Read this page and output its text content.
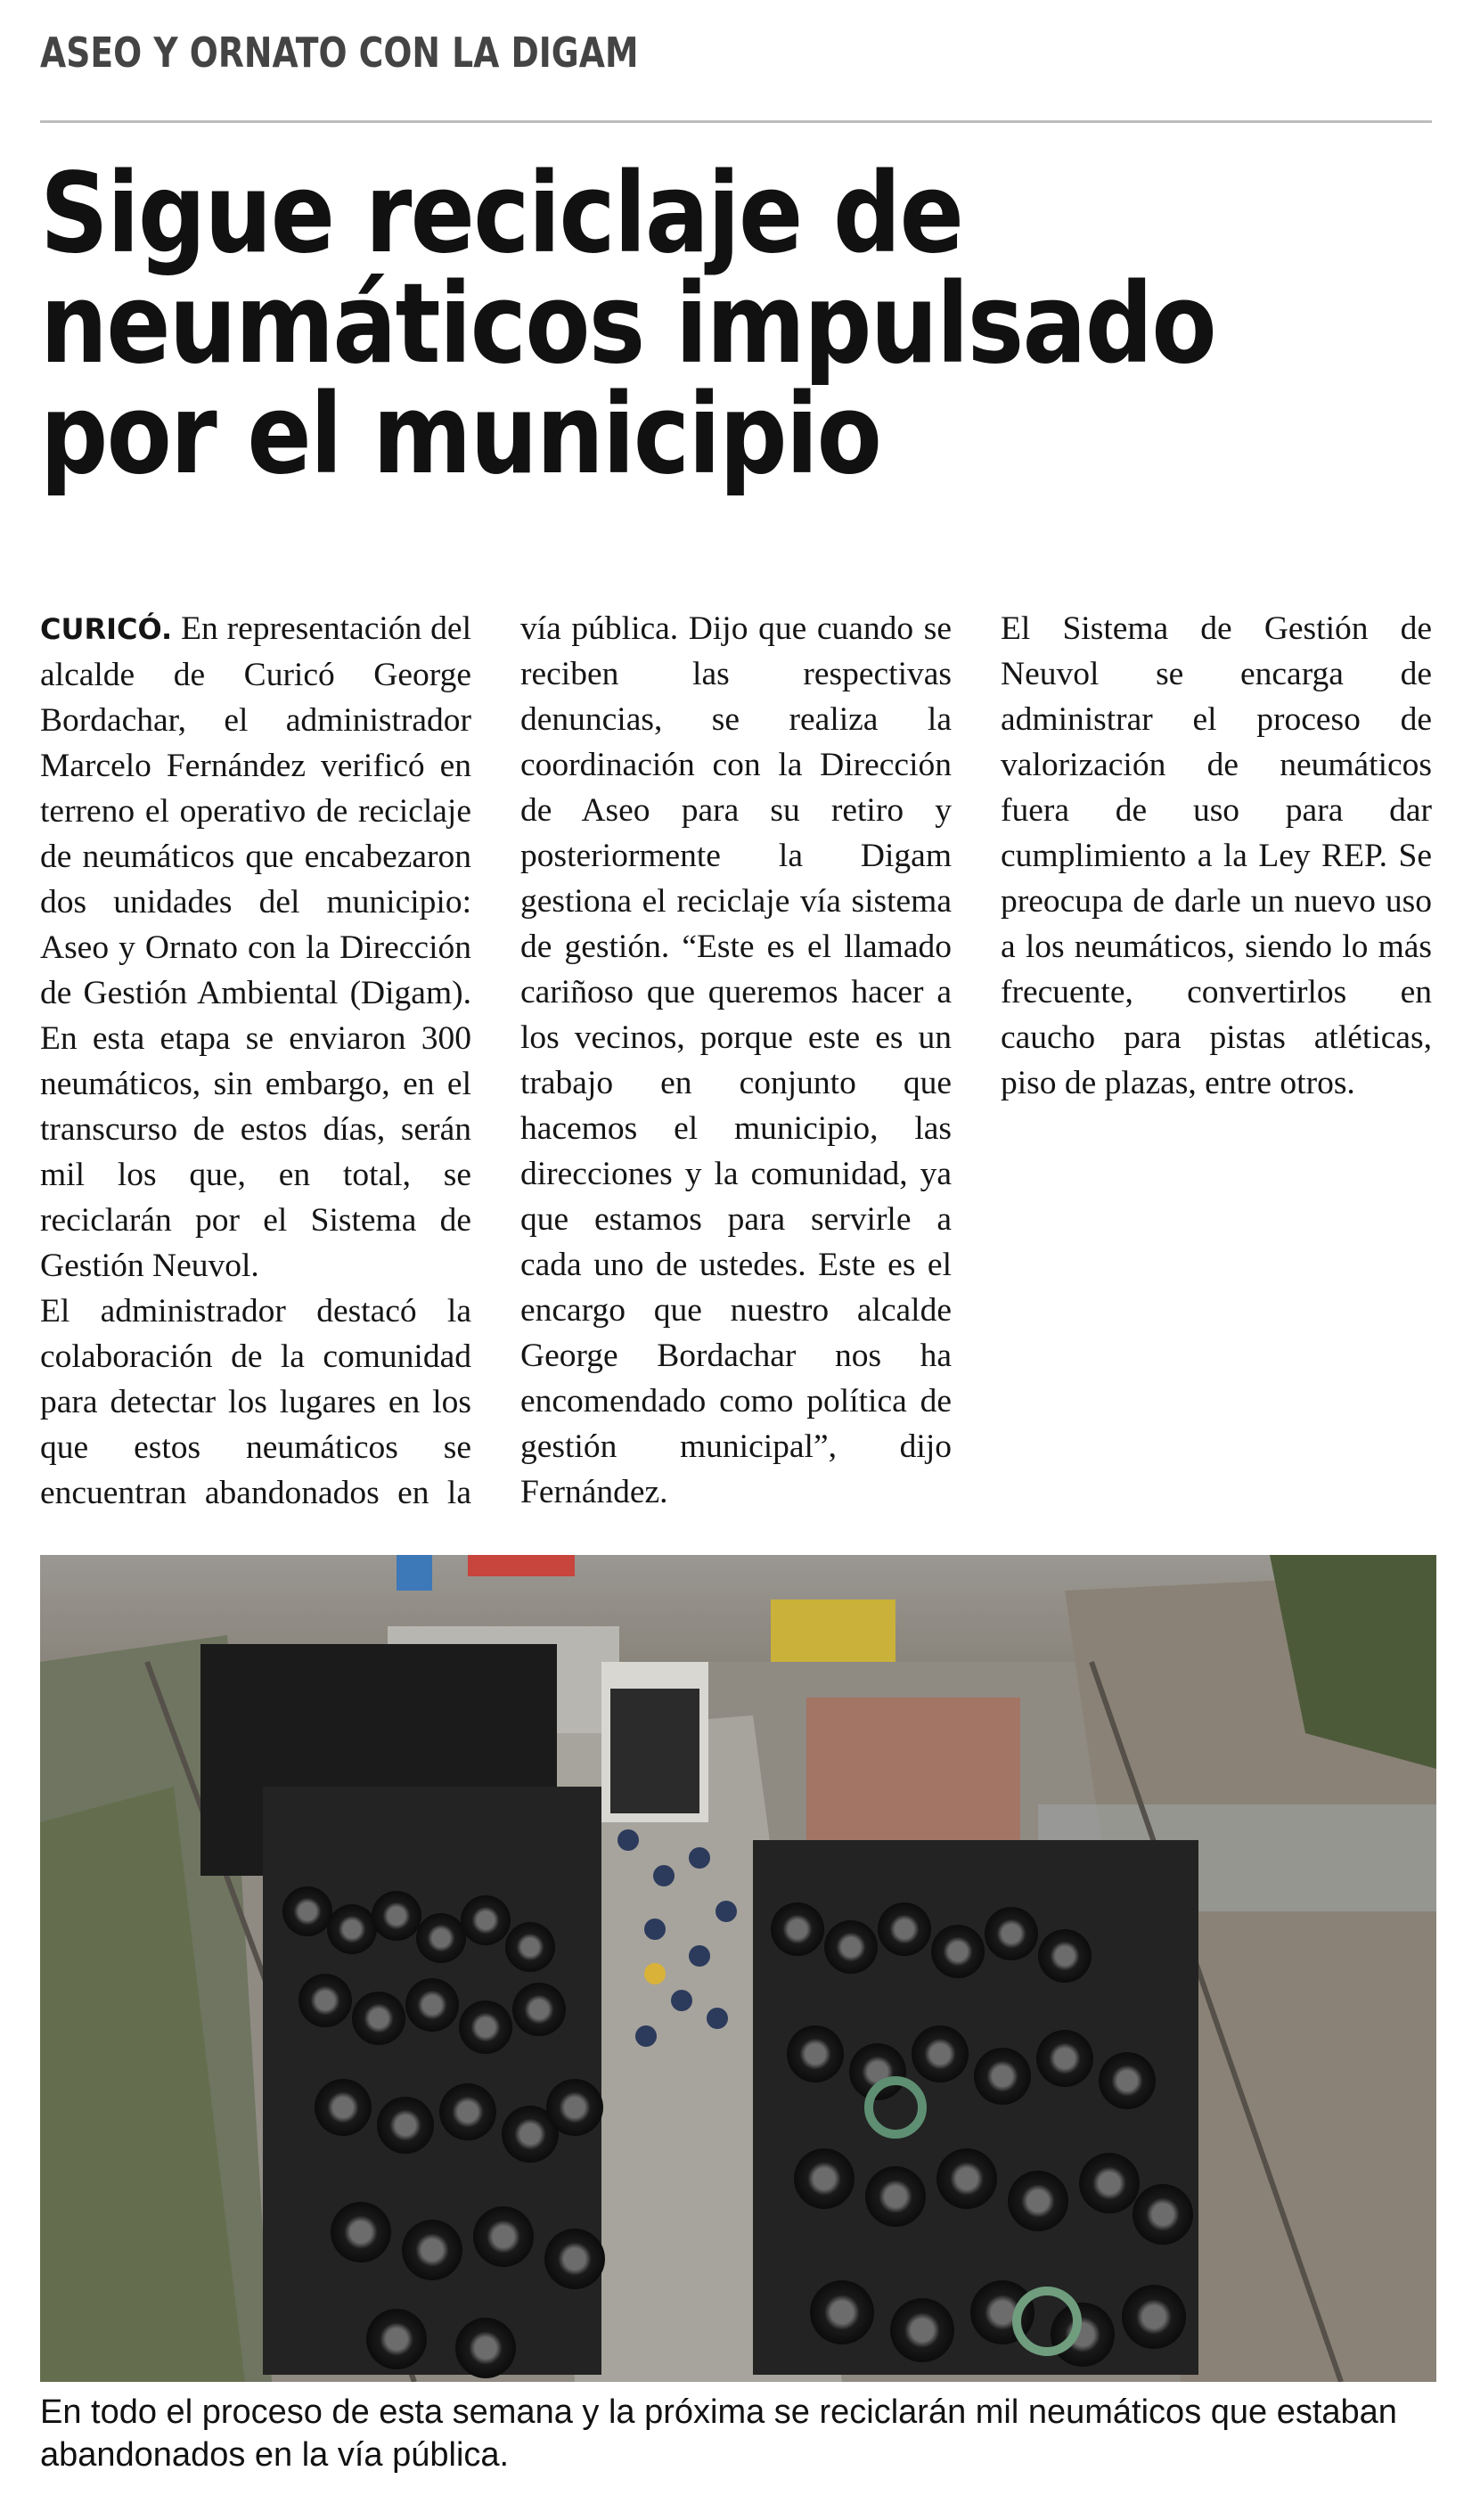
ASEO Y ORNATO CON LA DIGAM
Sigue reciclaje de
neumáticos impulsado
por el municipio

CURICÓ. En representación del alcalde de Curicó George Bordachar, el administrador Marcelo Fernández verificó en terreno el operativo de reciclaje de neumáticos que encabezaron dos unidades del municipio: Aseo y Ornato con la Dirección de Gestión Ambiental (Digam). En esta etapa se enviaron 300 neumáticos, sin embargo, en el transcurso de estos días, serán mil los que, en total, se reciclarán por el Sistema de Gestión Neuvol.

El administrador destacó la colaboración de la comunidad para detectar los lugares en los que estos neumáticos se encuentran abandonados en la vía pública. Dijo que cuando se reciben las respectivas denuncias, se realiza la coordinación con la Dirección de Aseo para su retiro y posteriormente la Digam gestiona el reciclaje vía sistema de gestión. “Este es el llamado cariñoso que queremos hacer a los vecinos, porque este es un trabajo en conjunto que hacemos el municipio, las direcciones y la comunidad, ya que estamos para servirle a cada uno de ustedes. Este es el encargo que nuestro alcalde George Bordachar nos ha encomendado como política de gestión municipal”, dijo Fernández.

El Sistema de Gestión de Neuvol se encarga de administrar el proceso de valorización de neumáticos fuera de uso para dar cumplimiento a la Ley REP. Se preocupa de darle un nuevo uso a los neumáticos, siendo lo más frecuente, convertirlos en caucho para pistas atléticas, piso de plazas, entre otros.

En todo el proceso de esta semana y la próxima se reciclarán mil neumáticos que estaban abandonados en la vía pública.
